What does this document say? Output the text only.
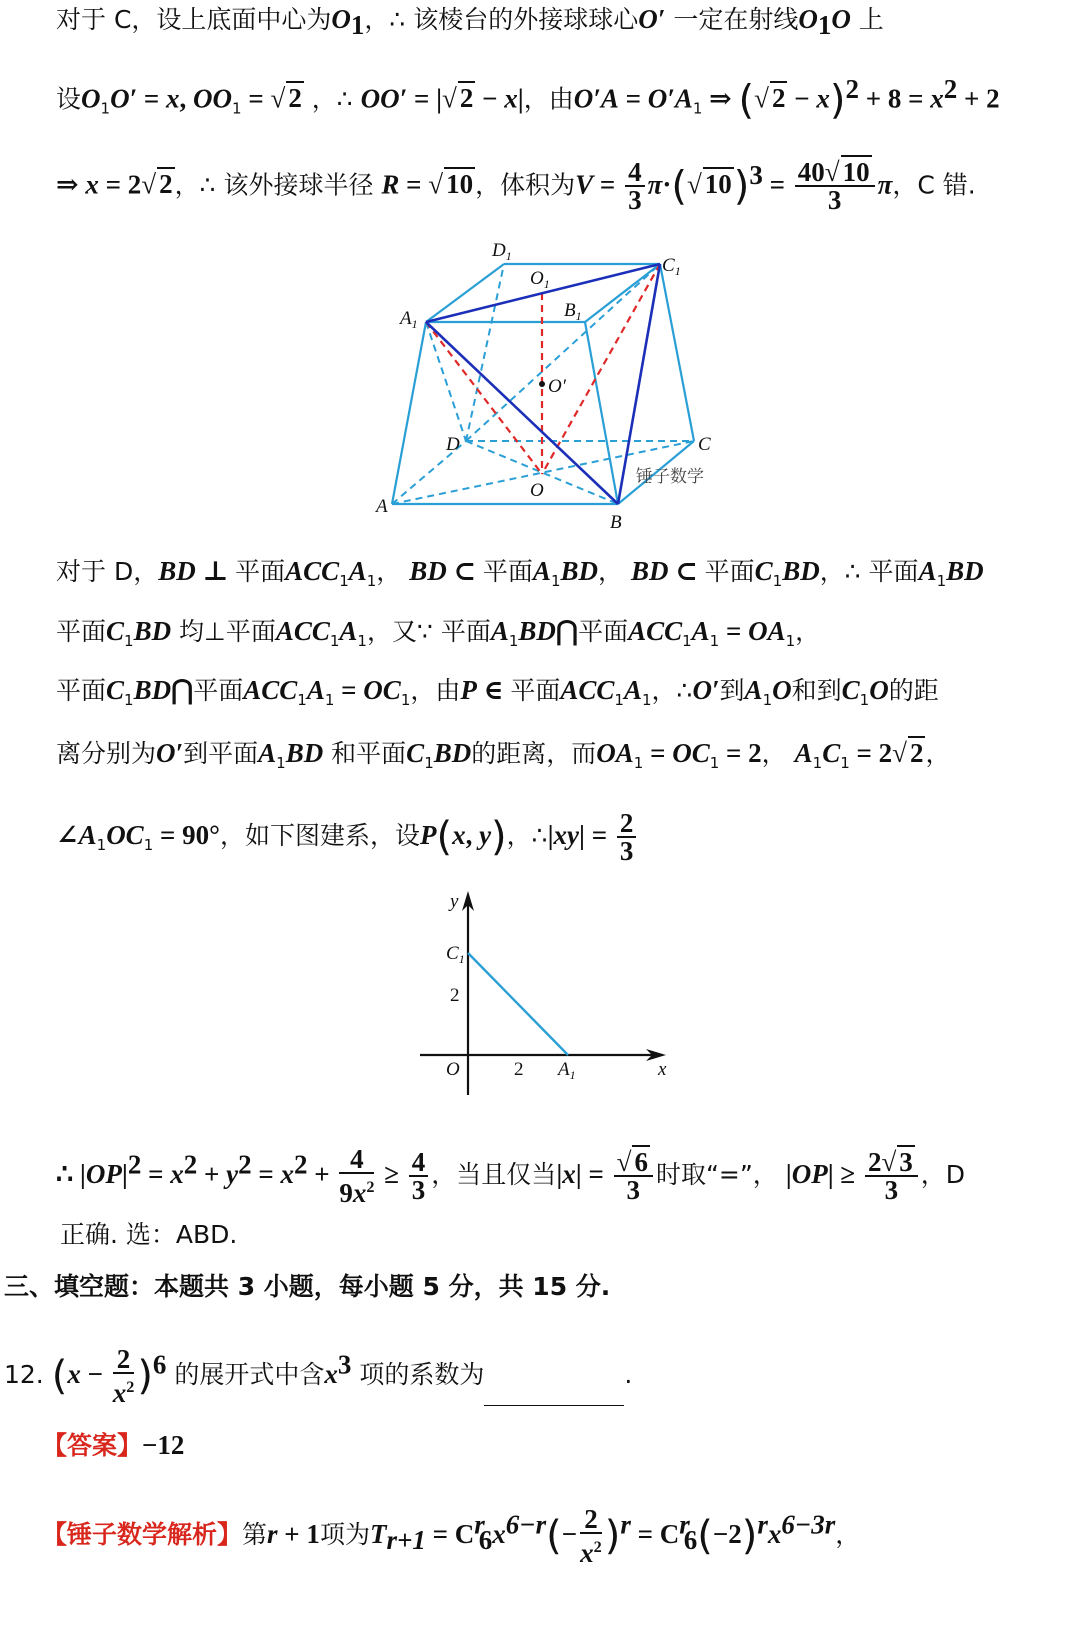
对于 C，设上底面中心为$O_1$，∴ 该棱台的外接球球心O′ 一定在射线$O_1O$ 上
设$O_1O' = x$, $OO_1$ = √ 2 ，∴ OO′ = |√ 2 − x|，由$O'A = O'A_1$ ⇒ (√ $2 - x)^2 + 8 = x^2 + 2$
⇒ x = 2√ 2，∴ 该外接球半径 R = √ 10，体积为$V = \frac{4}{3} \pi\cdot(√$ $10)^3 = \frac{40√ 10}{3}$ π，C 错.
$D_1$
$O_1$
$C_1$
$B_1$
$A_1$
O′
D	C
A
O
B
锤子数学
对于 D，BD ⊥ 平面$ACC_1A_1$， BD ⊂ 平面$A_1BD$， BD ⊂ 平面$C_1BD$，∴ 平面$A_1BD$
平面$C_1BD$ 均⊥平面$ACC_1A_1$，又∵ 平面$A_1BD⋂$平面$ACC_1A_1 = OA_1$，
平面$C_1BD⋂$平面$ACC_1A_1 = OC_1$，由P ∈ 平面$ACC_1A_1$，∴O′到$A_1O$和到$C_1O$的距
离分别为O′到平面$A_1BD$ 和平面$C_1BD$的距离，而$OA_1 = OC_1 = 2$， $A_1C_1 = 2√$ 2，
$\angle A_1OC_1 = 90^\circ$，如下图建系，设P(x, y)，∴|xy| = $\frac{2}{3}$
y
x
O
$C_1$
$A_1$
2
2
∴ $|OP|^2 = x^2 + y^2 = x^2 + \frac{4}{9x^2} \ge \frac{4}{3}$ ，当且仅当$|x| = \frac{√ 6}{3}$ 时取“=”， $|OP| \ge \frac{2√ 3}{3}$ ，D
正确. 选：ABD.
三、填空题：本题共 3 小题，每小题 5 分，共 15 分.
12. $(x - \frac{2}{x^2} )^6$ 的展开式中含$x^3$ 项的系数为	.
【答案】−12
【锤子数学解析】第r + 1项为$T_{r+1} = C^r_6x^{6-r}(- \frac{2}{x^2} )^r = C^r_6(-2)^rx^{6-3r}$，
